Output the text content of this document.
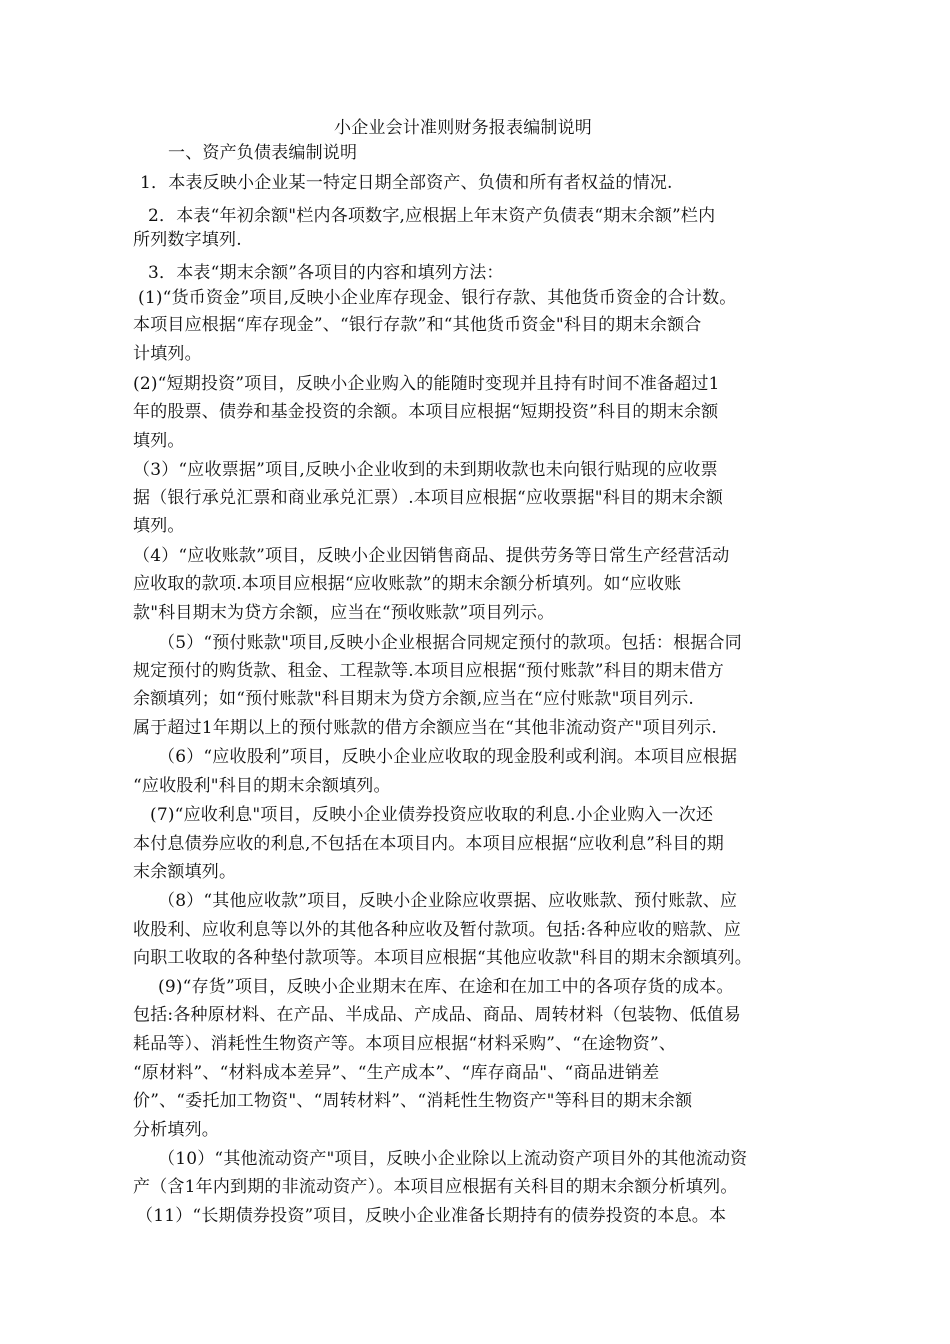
小企业会计准则财务报表编制说明
一、资产负债表编制说明
1．本表反映小企业某一特定日期全部资产、负债和所有者权益的情况.
2．本表“年初余额"栏内各项数字,应根据上年末资产负债表“期末余额”栏内
所列数字填列.
3．本表“期末余额”各项目的内容和填列方法：
(1)“货币资金”项目,反映小企业库存现金、银行存款、其他货币资金的合计数。
本项目应根据“库存现金”、“银行存款”和“其他货币资金"科目的期末余额合
计填列。
(2)“短期投资”项目，反映小企业购入的能随时变现并且持有时间不准备超过1
年的股票、债券和基金投资的余额。本项目应根据“短期投资”科目的期末余额
填列。
（3）“应收票据”项目,反映小企业收到的未到期收款也未向银行贴现的应收票
据（银行承兑汇票和商业承兑汇票）.本项目应根据“应收票据"科目的期末余额
填列。
（4）“应收账款”项目，反映小企业因销售商品、提供劳务等日常生产经营活动
应收取的款项.本项目应根据“应收账款”的期末余额分析填列。如“应收账
款"科目期末为贷方余额，应当在“预收账款”项目列示。
（5）“预付账款"项目,反映小企业根据合同规定预付的款项。包括：根据合同
规定预付的购货款、租金、工程款等.本项目应根据“预付账款”科目的期末借方
余额填列；如“预付账款"科目期末为贷方余额,应当在“应付账款"项目列示.
属于超过1年期以上的预付账款的借方余额应当在“其他非流动资产"项目列示.
（6）“应收股利”项目，反映小企业应收取的现金股利或利润。本项目应根据
“应收股利"科目的期末余额填列。
(7)“应收利息"项目，反映小企业债券投资应收取的利息.小企业购入一次还
本付息债券应收的利息,不包括在本项目内。本项目应根据“应收利息”科目的期
末余额填列。
（8）“其他应收款”项目，反映小企业除应收票据、应收账款、预付账款、应
收股利、应收利息等以外的其他各种应收及暂付款项。包括:各种应收的赔款、应
向职工收取的各种垫付款项等。本项目应根据“其他应收款"科目的期末余额填列。
(9)“存货”项目，反映小企业期末在库、在途和在加工中的各项存货的成本。
包括:各种原材料、在产品、半成品、产成品、商品、周转材料（包装物、低值易
耗品等）、消耗性生物资产等。本项目应根据“材料采购”、“在途物资”、
“原材料”、“材料成本差异”、“生产成本”、“库存商品"、“商品进销差
价”、“委托加工物资"、“周转材料”、“消耗性生物资产"等科目的期末余额
分析填列。
（10）“其他流动资产"项目，反映小企业除以上流动资产项目外的其他流动资
产（含1年内到期的非流动资产）。本项目应根据有关科目的期末余额分析填列。
（11）“长期债券投资”项目，反映小企业准备长期持有的债券投资的本息。本
